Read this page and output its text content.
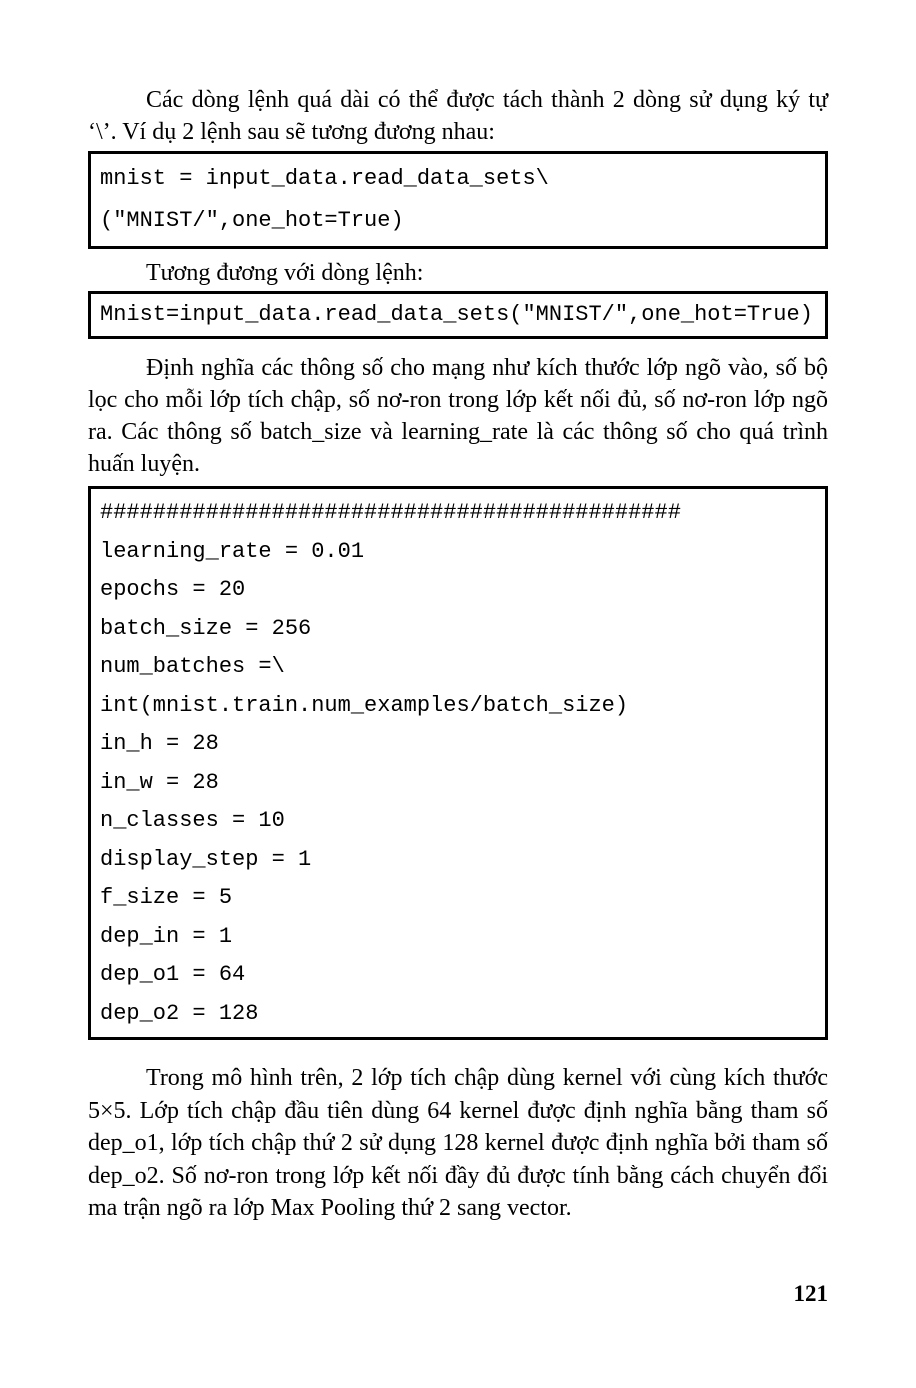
Các dòng lệnh quá dài có thể được tách thành 2 dòng sử dụng ký tự ‘\’. Ví dụ 2 lệnh sau sẽ tương đương nhau:

mnist = input_data.read_data_sets\
("MNIST/",one_hot=True)

Tương đương với dòng lệnh:

Mnist=input_data.read_data_sets("MNIST/",one_hot=True)

Định nghĩa các thông số cho mạng như kích thước lớp ngõ vào, số bộ lọc cho mỗi lớp tích chập, số nơ-ron trong lớp kết nối đủ, số nơ-ron lớp ngõ ra. Các thông số batch_size và learning_rate là các thông số cho quá trình huấn luyện.

############################################
learning_rate = 0.01
epochs = 20
batch_size = 256
num_batches =\
int(mnist.train.num_examples/batch_size)
in_h = 28
in_w = 28
n_classes = 10
display_step = 1
f_size = 5
dep_in = 1
dep_o1 = 64
dep_o2 = 128

Trong mô hình trên, 2 lớp tích chập dùng kernel với cùng kích thước 5×5. Lớp tích chập đầu tiên dùng 64 kernel được định nghĩa bằng tham số dep_o1, lớp tích chập thứ 2 sử dụng 128 kernel được định nghĩa bởi tham số dep_o2. Số nơ-ron trong lớp kết nối đầy đủ được tính bằng cách chuyển đổi ma trận ngõ ra lớp Max Pooling thứ 2 sang vector.

121
